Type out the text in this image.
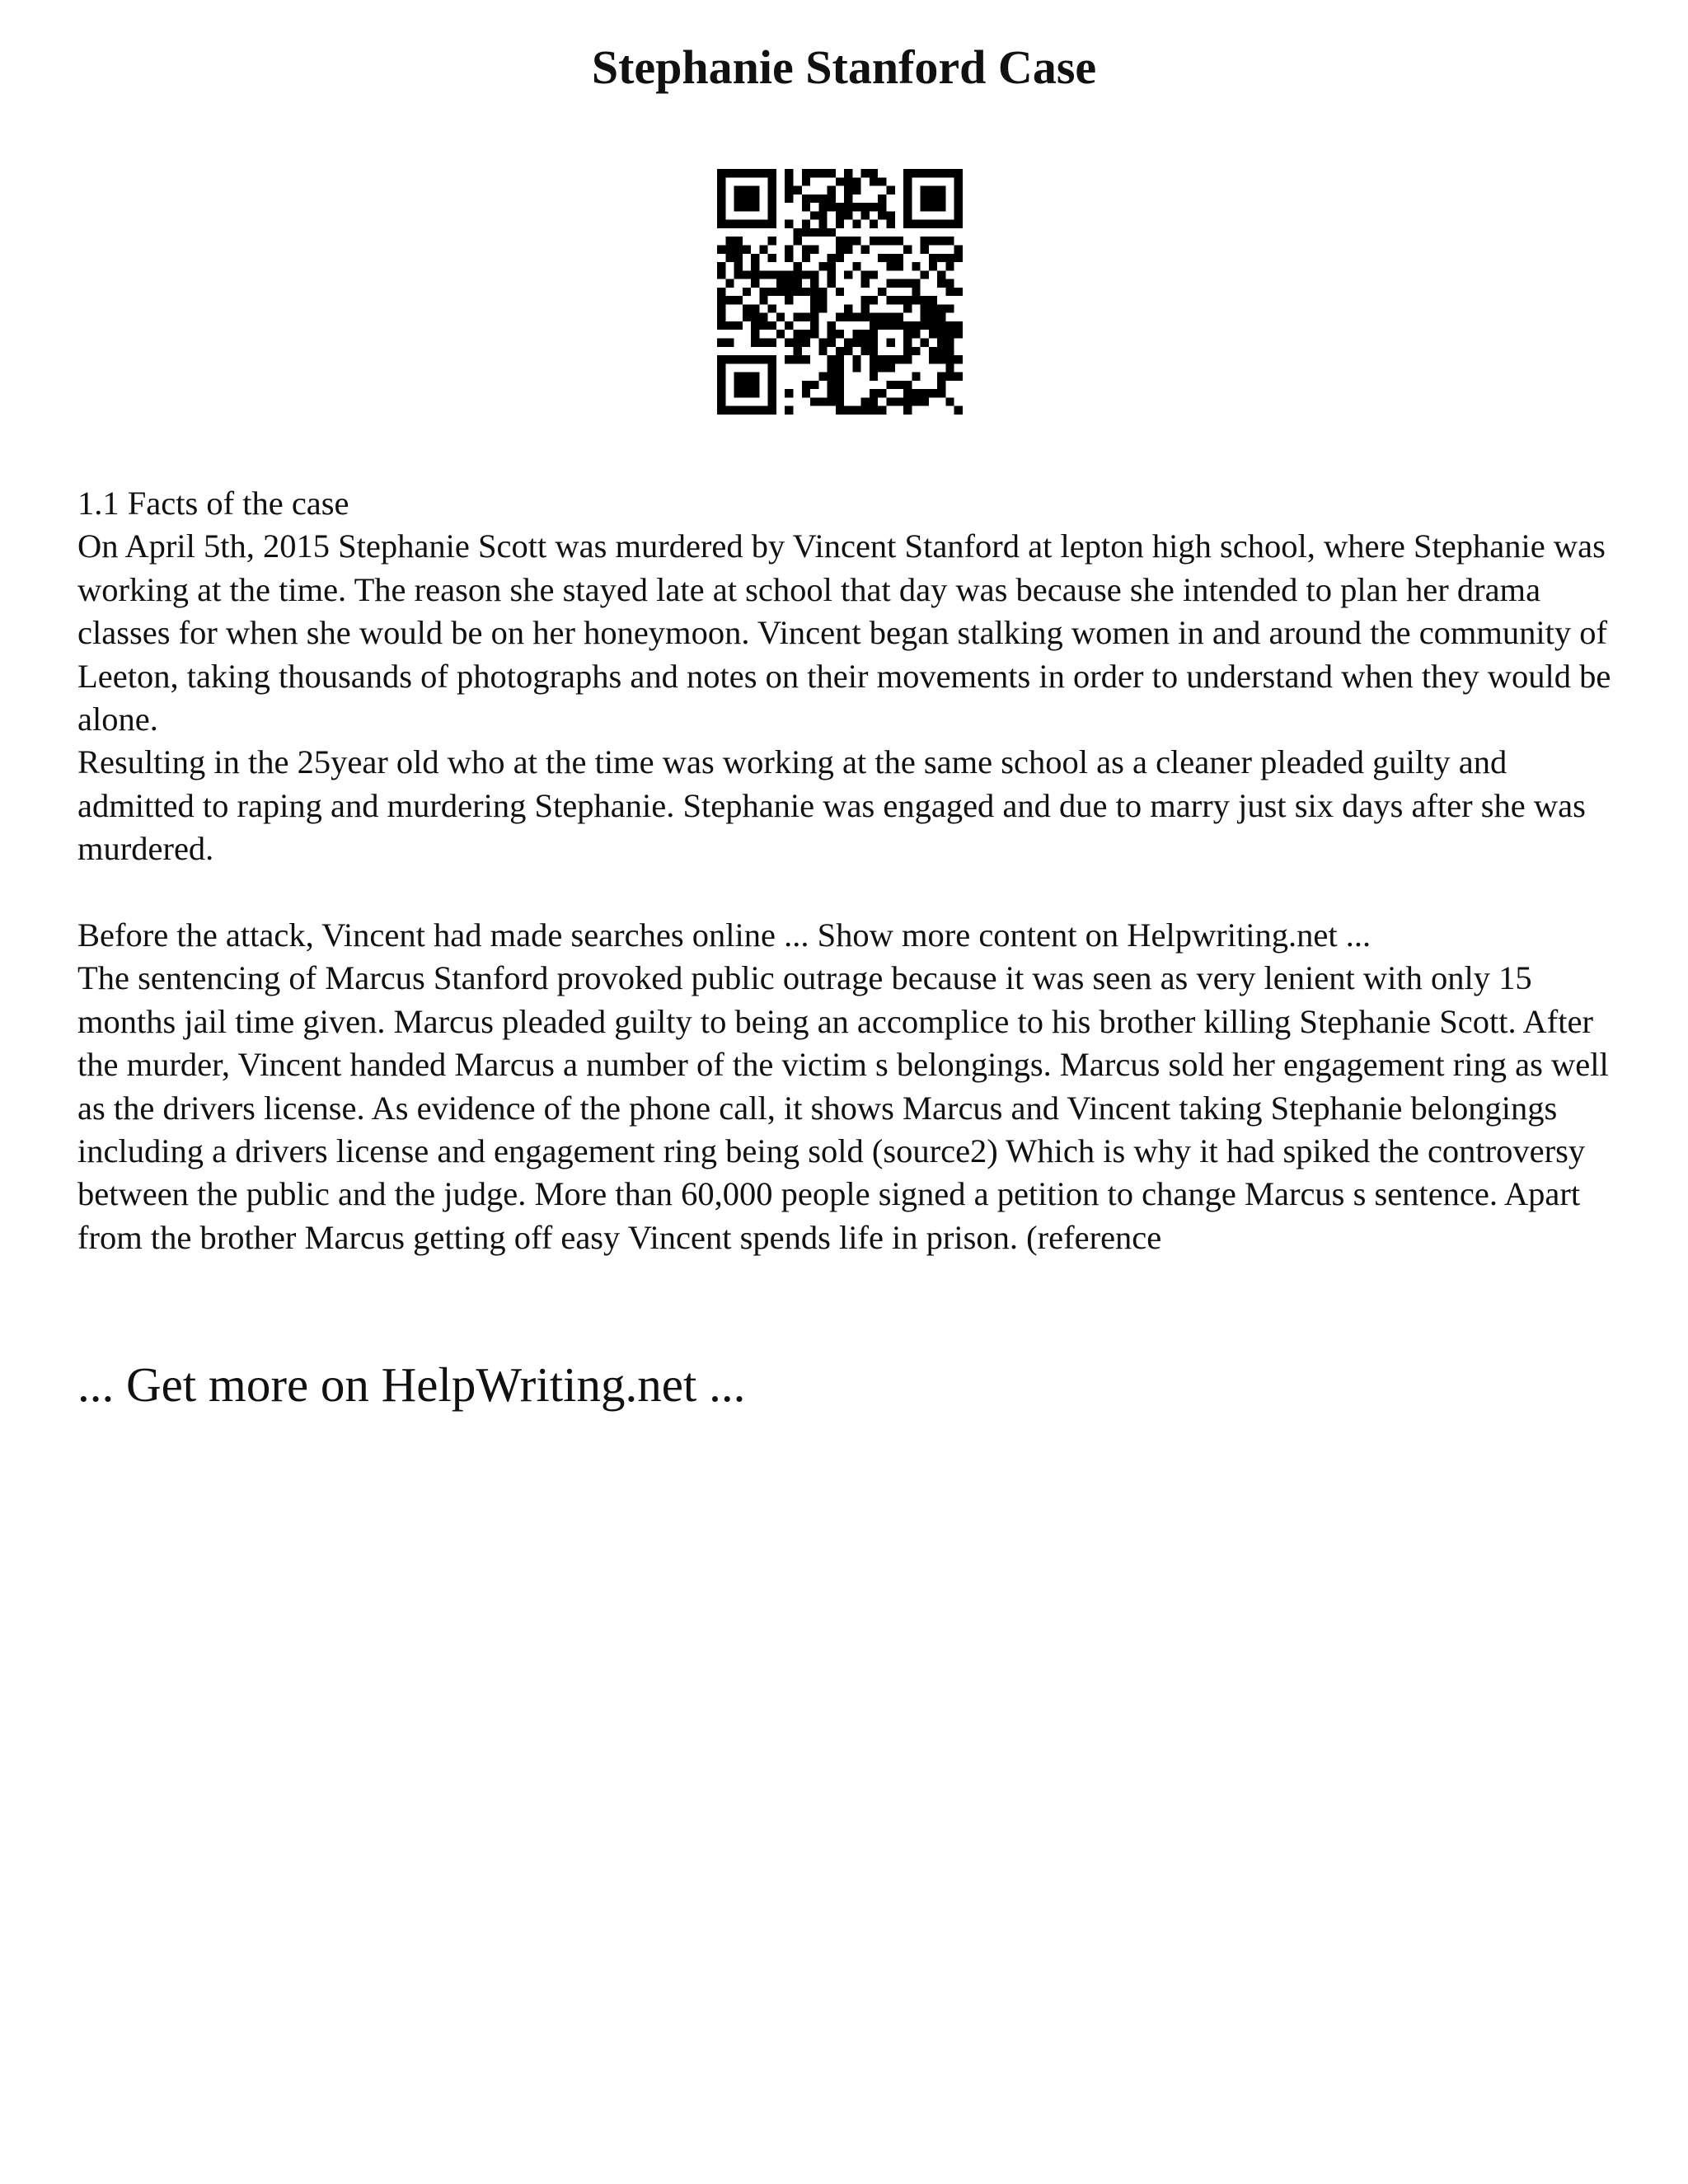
Stephanie Stanford Case

1.1 Facts of the case

On April 5th, 2015 Stephanie Scott was murdered by Vincent Stanford at lepton high school, where Stephanie was working at the time. The reason she stayed late at school that day was because she intended to plan her drama classes for when she would be on her honeymoon. Vincent began stalking women in and around the community of Leeton, taking thousands of photographs and notes on their movements in order to understand when they would be alone.

Resulting in the 25year old who at the time was working at the same school as a cleaner pleaded guilty and admitted to raping and murdering Stephanie. Stephanie was engaged and due to marry just six days after she was murdered.

Before the attack, Vincent had made searches online ... Show more content on Helpwriting.net ...

The sentencing of Marcus Stanford provoked public outrage because it was seen as very lenient with only 15 months jail time given. Marcus pleaded guilty to being an accomplice to his brother killing Stephanie Scott. After the murder, Vincent handed Marcus a number of the victim s belongings. Marcus sold her engagement ring as well as the drivers license. As evidence of the phone call, it shows Marcus and Vincent taking Stephanie belongings including a drivers license and engagement ring being sold (source2) Which is why it had spiked the controversy between the public and the judge. More than 60,000 people signed a petition to change Marcus s sentence. Apart from the brother Marcus getting off easy Vincent spends life in prison. (reference

... Get more on HelpWriting.net ...
